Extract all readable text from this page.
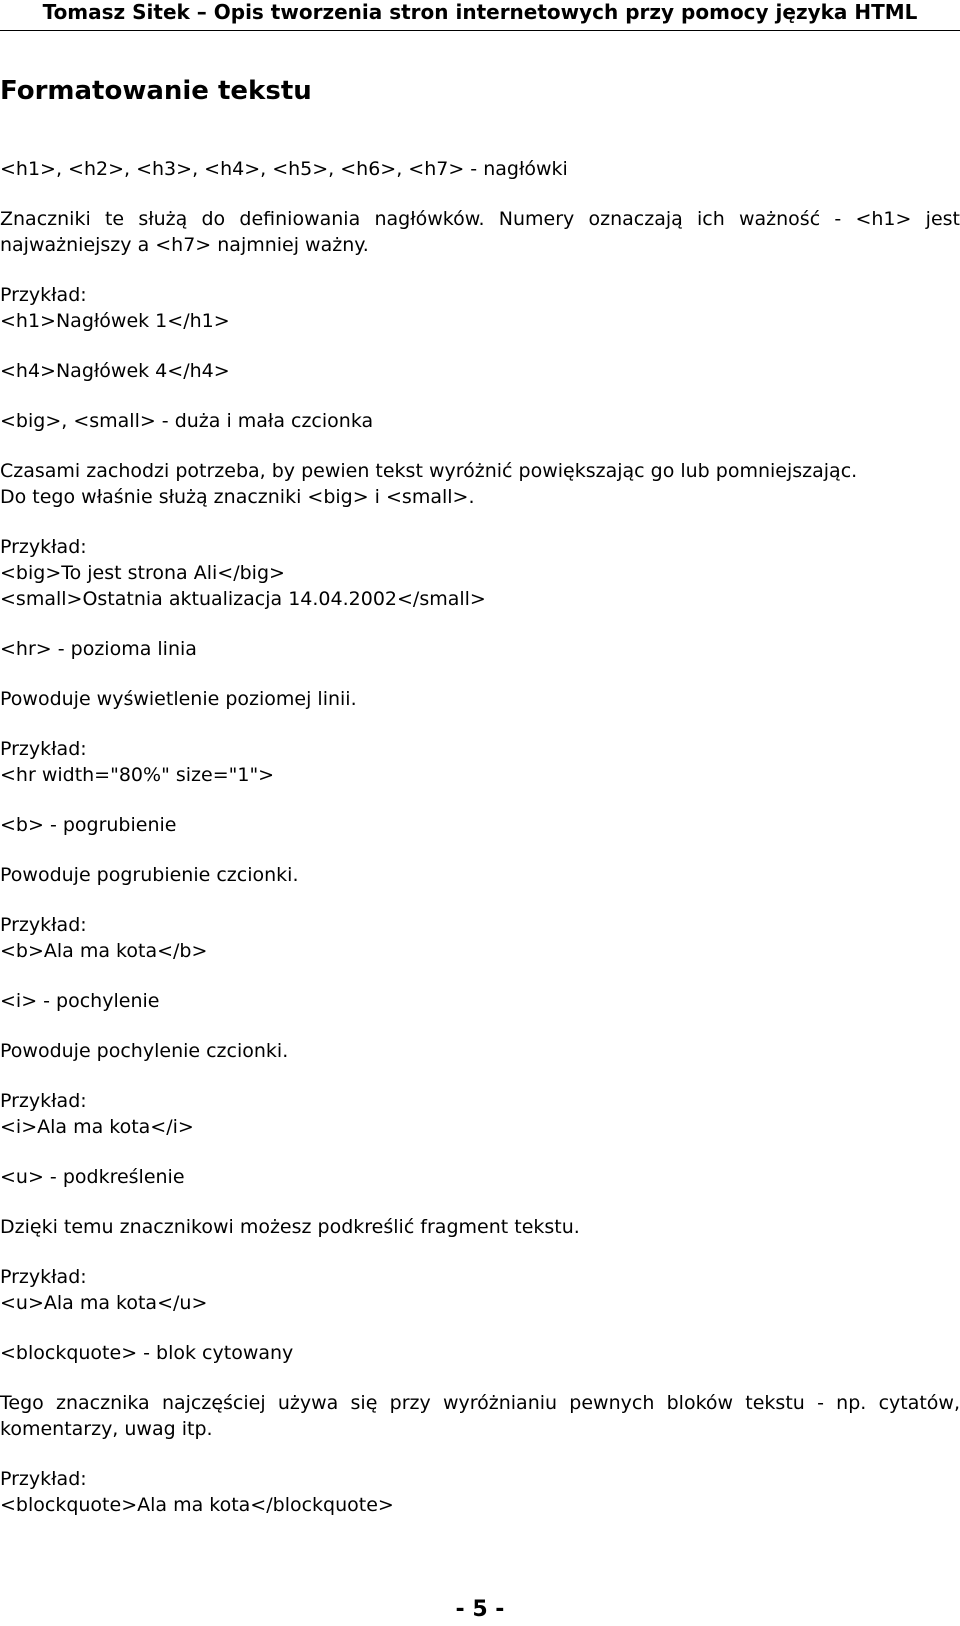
Tomasz Sitek – Opis tworzenia stron internetowych przy pomocy języka HTML
Formatowanie tekstu

<h1>, <h2>, <h3>, <h4>, <h5>, <h6>, <h7> - nagłówki

Znaczniki te służą do definiowania nagłówków. Numery oznaczają ich ważność - <h1> jest najważniejszy a <h7> najmniej ważny.

Przykład:

<h1>Nagłówek 1</h1>

<h4>Nagłówek 4</h4>

<big>, <small> - duża i mała czcionka

Czasami zachodzi potrzeba, by pewien tekst wyróżnić powiększając go lub pomniejszając.

Do tego właśnie służą znaczniki <big> i <small>.

Przykład:

<big>To jest strona Ali</big>

<small>Ostatnia aktualizacja 14.04.2002</small>

<hr> - pozioma linia

Powoduje wyświetlenie poziomej linii.

Przykład:

<hr width="80%" size="1">

<b> - pogrubienie

Powoduje pogrubienie czcionki.

Przykład:

<b>Ala ma kota</b>

<i> - pochylenie

Powoduje pochylenie czcionki.

Przykład:

<i>Ala ma kota</i>

<u> - podkreślenie

Dzięki temu znacznikowi możesz podkreślić fragment tekstu.

Przykład:

<u>Ala ma kota</u>

<blockquote> - blok cytowany

Tego znacznika najczęściej używa się przy wyróżnianiu pewnych bloków tekstu - np. cytatów, komentarzy, uwag itp.

Przykład:

<blockquote>Ala ma kota</blockquote>

- 5 -
